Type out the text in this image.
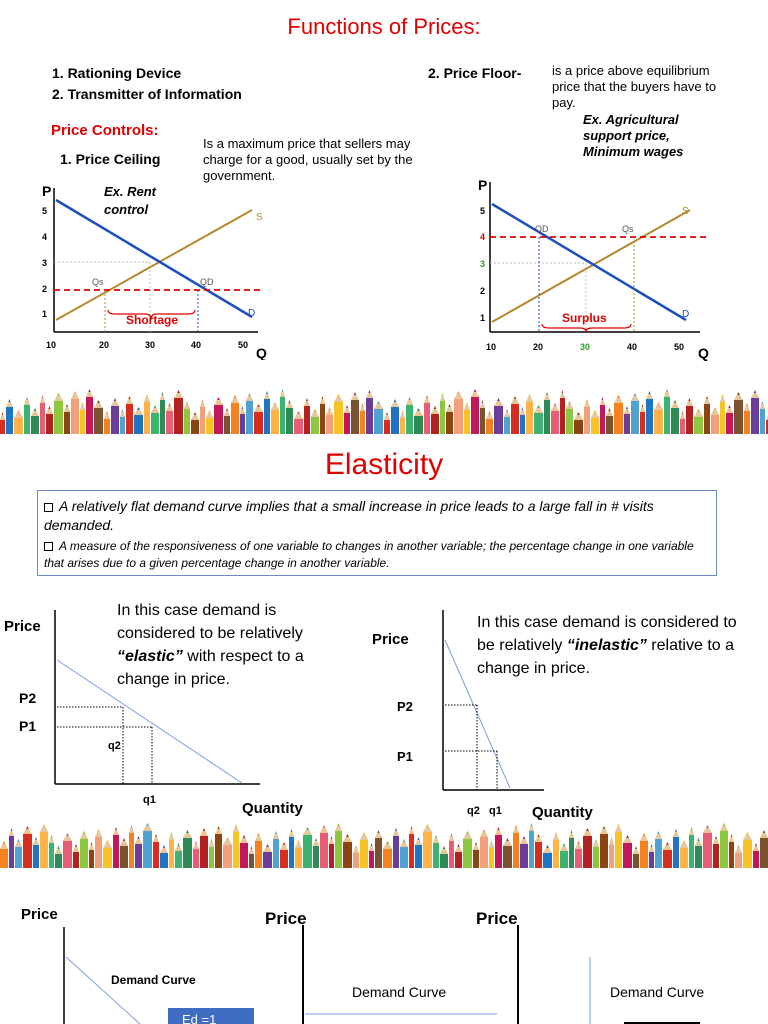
Functions of Prices:
1. Rationing Device
2. Transmitter of Information
Price Controls:
1. Price Ceiling
Is a maximum price that sellers may charge for a good, usually set by the government.
2. Price Floor- is a price above equilibrium price that the buyers have to pay.
Ex. Agricultural support price, Minimum wages
P
Q
1
2
3
4
5
10	20	30	40	50
S
D
Qs	QD
Shortage
Ex. Rent control
P
Q
1
2
3
4
5
10	20	30	40	50
S
D
Qs
QD
Surplus
Elasticity
A relatively flat demand curve implies that a small increase in price leads to a large fall in # visits demanded.
A measure of the responsiveness of one variable to changes in another variable; the percentage change in one variable that arises due to a given percentage change in another variable.
In this case demand is considered to be relatively “elastic” with respect to a change in price.
In this case demand is considered to be relatively “inelastic” relative to a change in price.
Price
P2
P1
q2
q1	Quantity
Price
P2
P1
q2 q1 Quantity
Price	Price	Price
Ed =1
Demand Curve
Demand Curve	Demand Curve
